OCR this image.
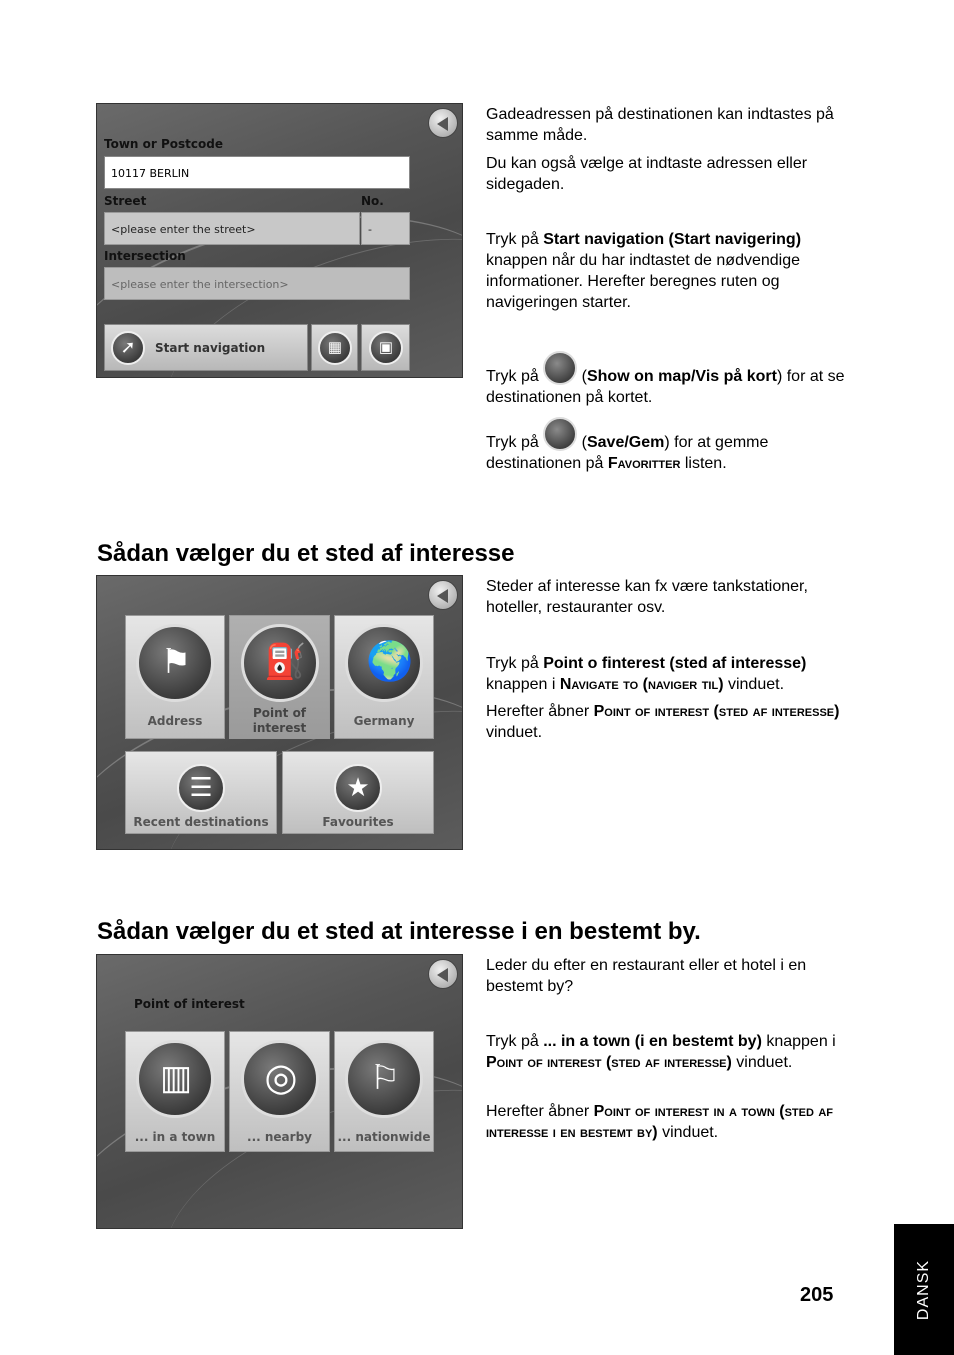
Town or Postcode
10117 BERLIN
Street	No.
<please enter the street>	-
Intersection
<please enter the intersection>
➚ Start navigation	▦ ▣

Gadeadressen på destinationen kan indtastes på samme måde.

Du kan også vælge at indtaste adressen eller sidegaden.

Tryk på Start navigation (Start navigering) knappen når du har indtastet de nødvendige informationer. Herefter beregnes ruten og navigeringen starter.

Tryk på  (Show on map/Vis på kort) for at se destinationen på kortet.

Tryk på  (Save/Gem) for at gemme destinationen på Favoritter listen.

Sådan vælger du et sted af interesse
⚑
Address
⛽
Point of interest
🌍
Germany
☰
Recent destinations
★
Favourites

Steder af interesse kan fx være tankstationer, hoteller, restauranter osv.

Tryk på Point o finterest (sted af interesse) knappen i Navigate to (naviger til) vinduet.

Herefter åbner Point of interest (sted af interesse) vinduet.

Sådan vælger du et sted at interesse i en bestemt by.
Point of interest
▥
... in a town
◎
... nearby
⚐
... nationwide

Leder du efter en restaurant eller et hotel i en bestemt by?

Tryk på ... in a town (i en bestemt by) knappen i Point of interest (sted af interesse) vinduet.

Herefter åbner Point of interest in a town (sted af interesse i en bestemt by) vinduet.

205	DANSK
